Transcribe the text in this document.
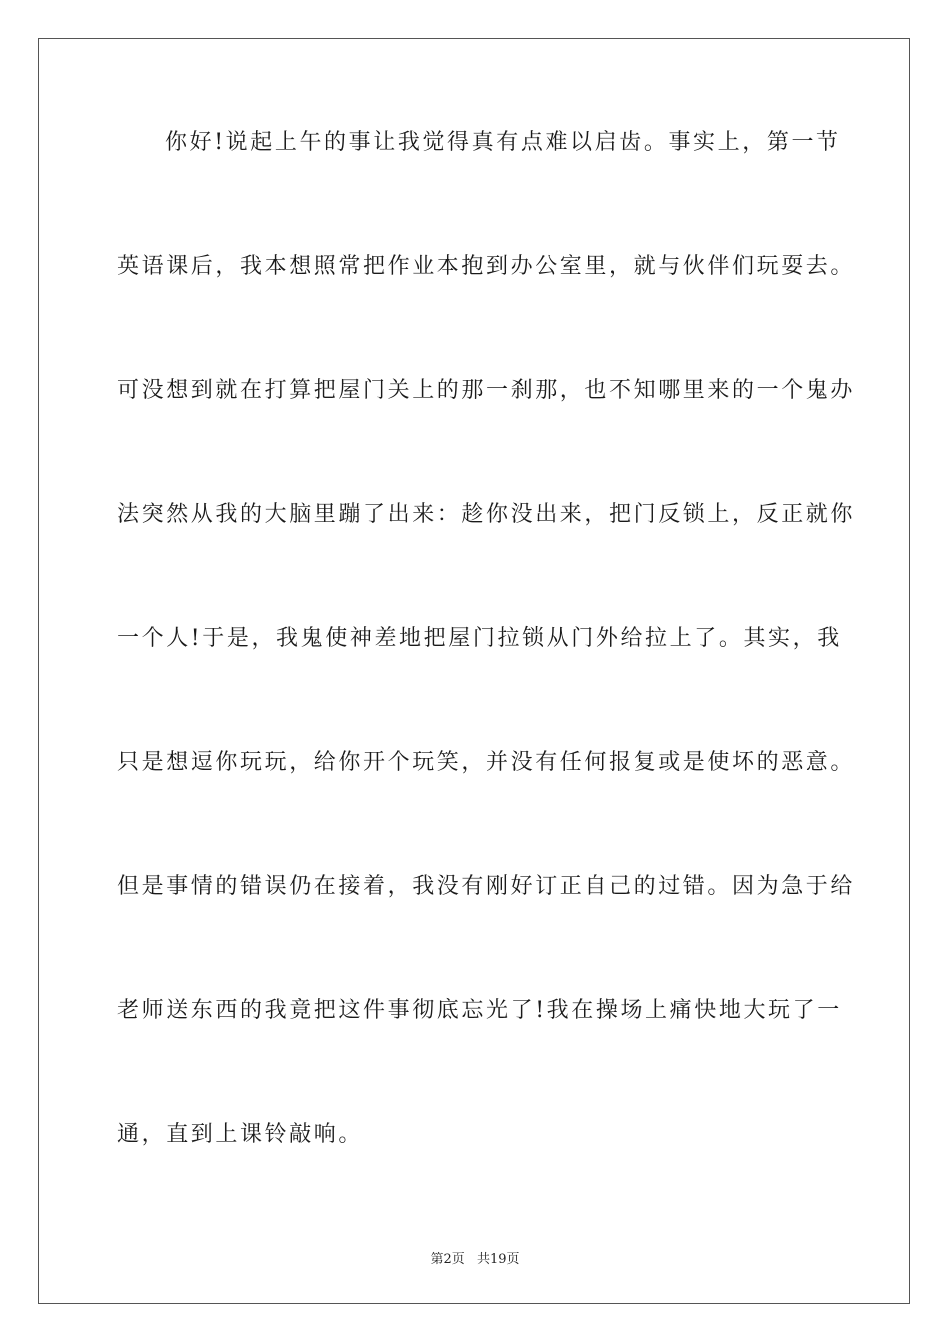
你好!说起上午的事让我觉得真有点难以启齿。事实上，第一节
英语课后，我本想照常把作业本抱到办公室里，就与伙伴们玩耍去。
可没想到就在打算把屋门关上的那一刹那，也不知哪里来的一个鬼办
法突然从我的大脑里蹦了出来：趁你没出来，把门反锁上，反正就你
一个人!于是，我鬼使神差地把屋门拉锁从门外给拉上了。其实，我
只是想逗你玩玩，给你开个玩笑，并没有任何报复或是使坏的恶意。
但是事情的错误仍在接着，我没有刚好订正自己的过错。因为急于给
老师送东西的我竟把这件事彻底忘光了!我在操场上痛快地大玩了一
通，直到上课铃敲响。
第2页 共19页
